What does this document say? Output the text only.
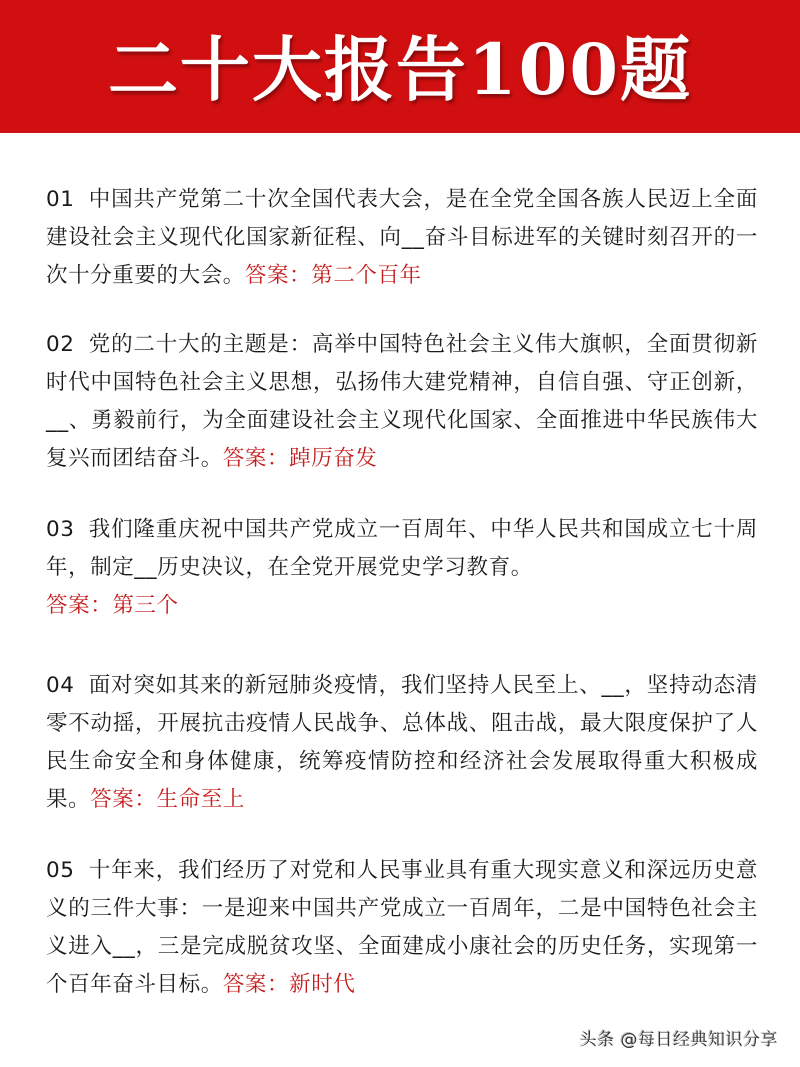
二十大报告100题

01 中国共产党第二十次全国代表大会，是在全党全国各族人民迈上全面建设社会主义现代化国家新征程、向__奋斗目标进军的关键时刻召开的一次十分重要的大会。答案：第二个百年

02 党的二十大的主题是：高举中国特色社会主义伟大旗帜，全面贯彻新时代中国特色社会主义思想，弘扬伟大建党精神，自信自强、守正创新，__、勇毅前行，为全面建设社会主义现代化国家、全面推进中华民族伟大复兴而团结奋斗。答案：踔厉奋发

03 我们隆重庆祝中国共产党成立一百周年、中华人民共和国成立七十周年，制定__历史决议，在全党开展党史学习教育。
答案：第三个

04 面对突如其来的新冠肺炎疫情，我们坚持人民至上、__，坚持动态清零不动摇，开展抗击疫情人民战争、总体战、阻击战，最大限度保护了人民生命安全和身体健康，统筹疫情防控和经济社会发展取得重大积极成果。答案：生命至上

05 十年来，我们经历了对党和人民事业具有重大现实意义和深远历史意义的三件大事：一是迎来中国共产党成立一百周年，二是中国特色社会主义进入__，三是完成脱贫攻坚、全面建成小康社会的历史任务，实现第一个百年奋斗目标。答案：新时代

头条 @每日经典知识分享
